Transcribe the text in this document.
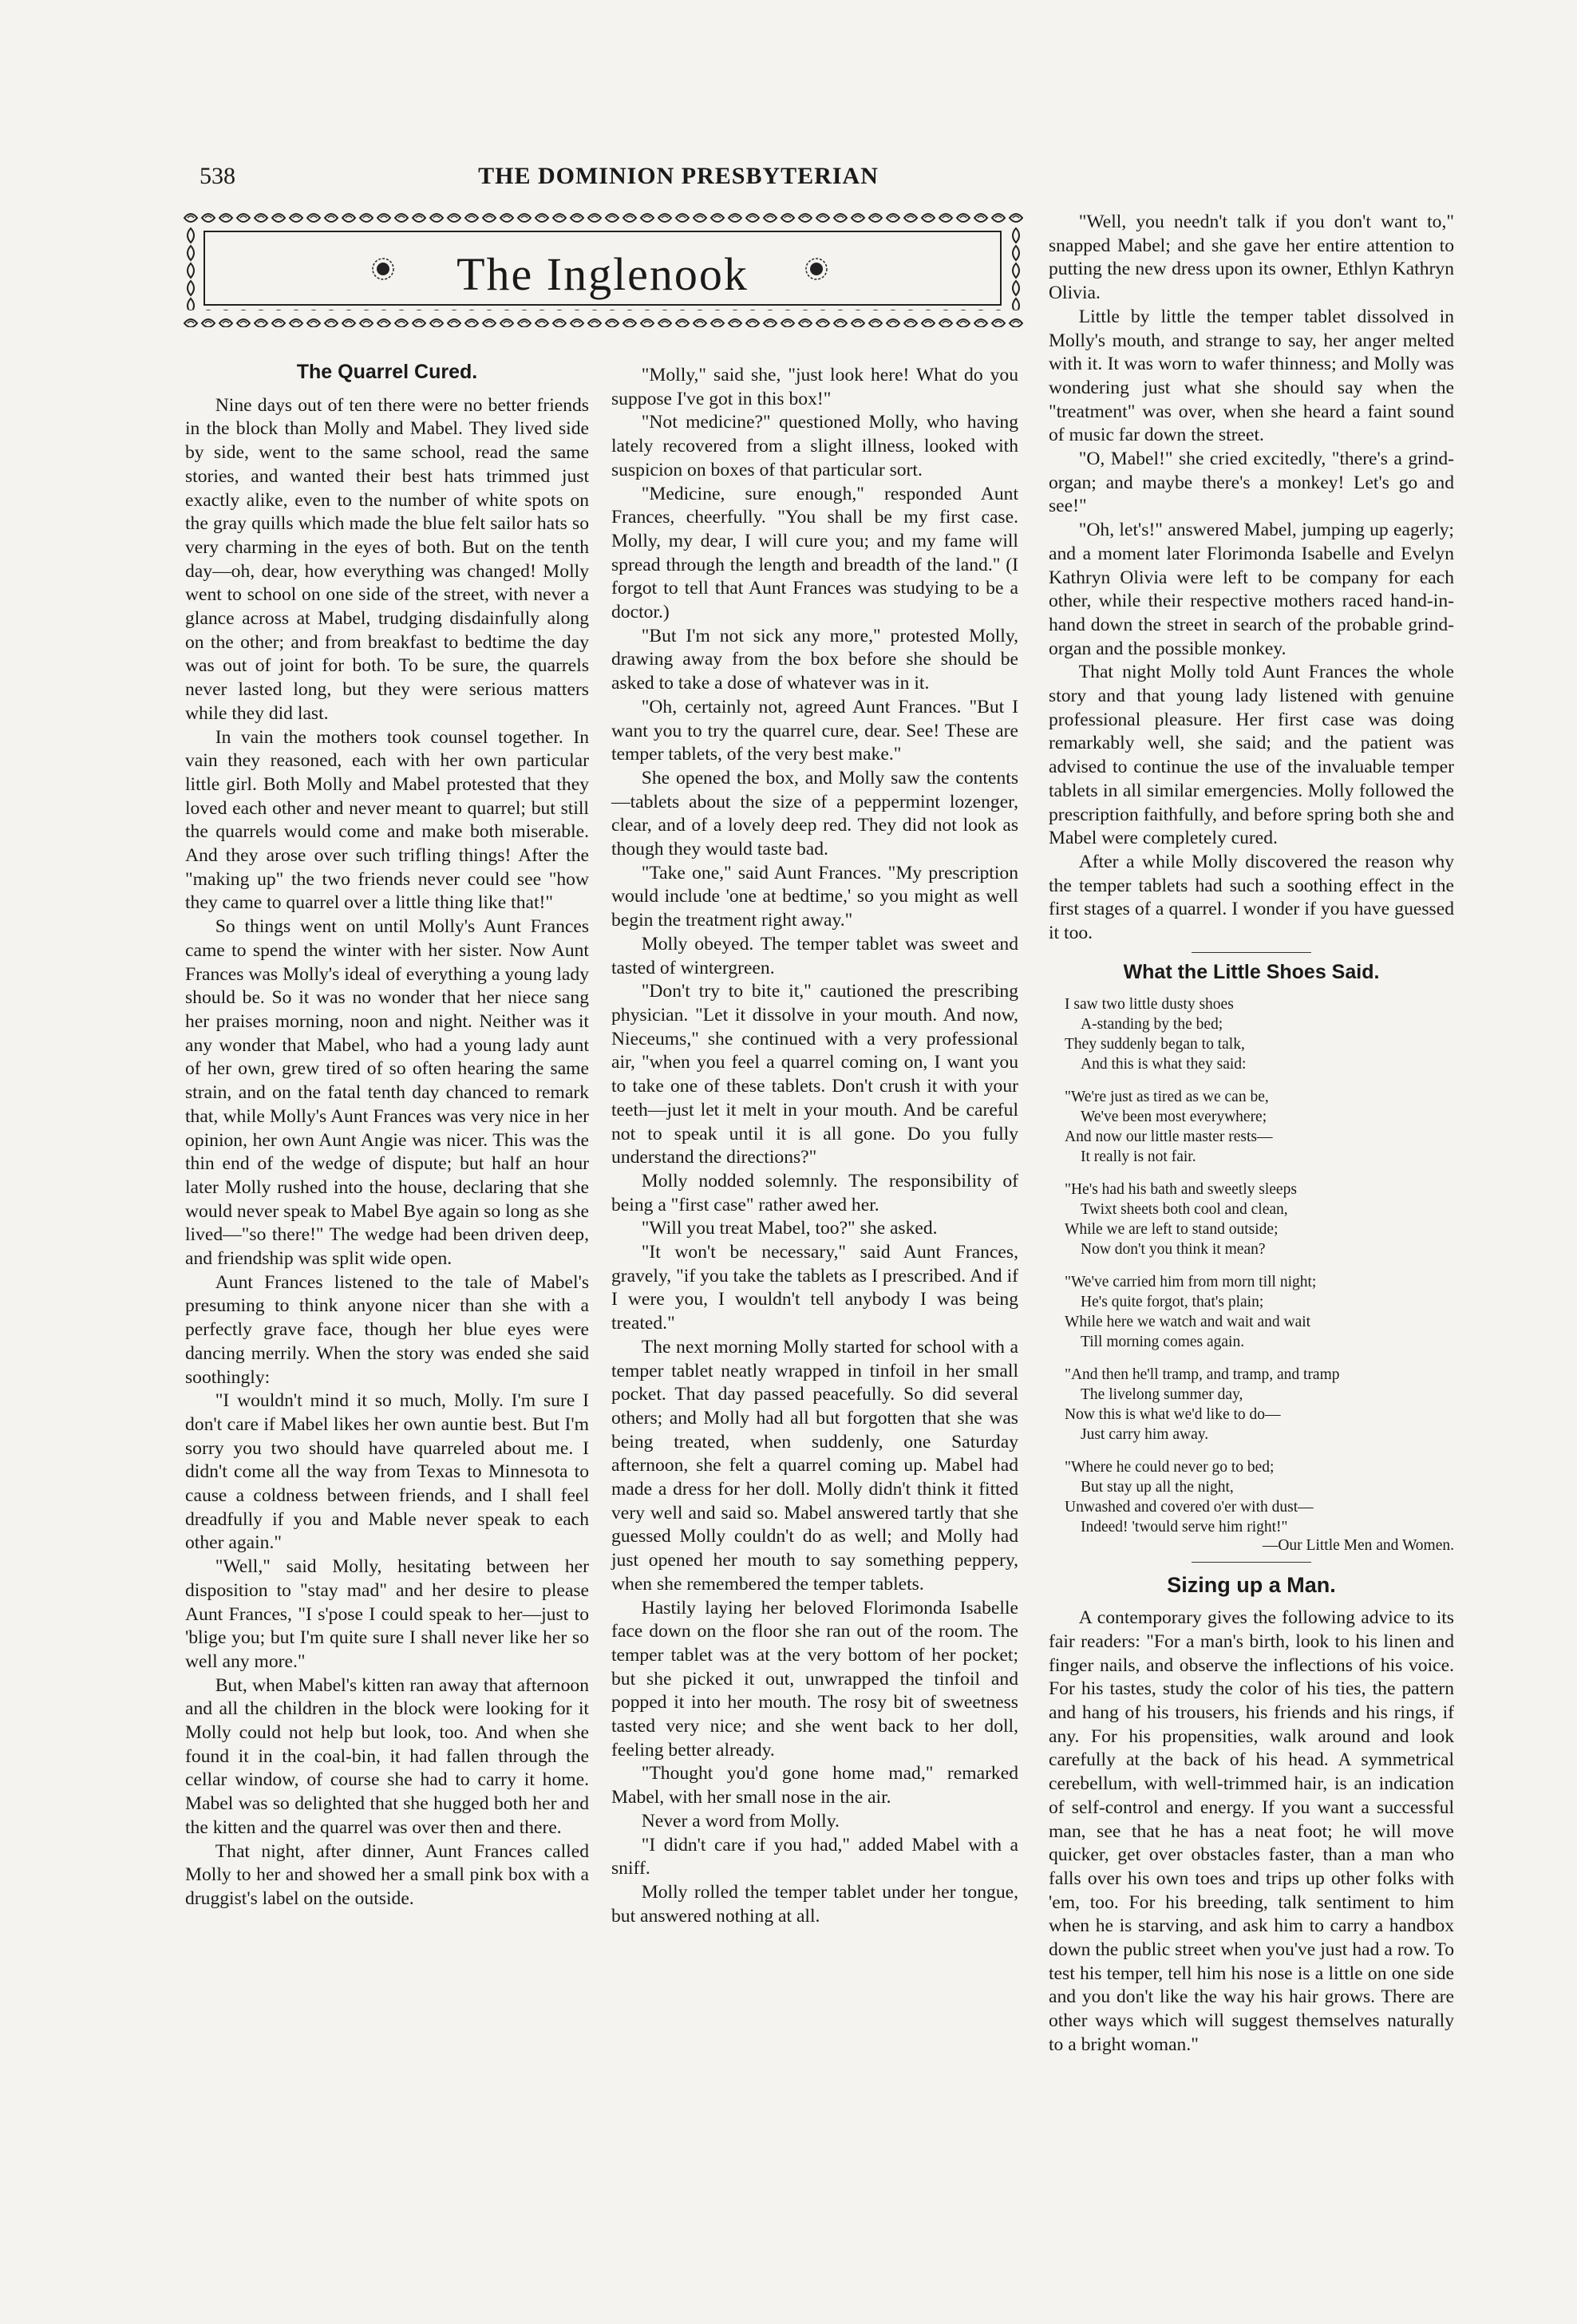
538	THE DOMINION PRESBYTERIAN
The Inglenook
The Quarrel Cured.

Nine days out of ten there were no better friends in the block than Molly and Mabel. They lived side by side, went to the same school, read the same stories, and wanted their best hats trimmed just exactly alike, even to the number of white spots on the gray quills which made the blue felt sailor hats so very charming in the eyes of both. But on the tenth day—oh, dear, how everything was changed! Molly went to school on one side of the street, with never a glance across at Mabel, trudging disdainfully along on the other; and from breakfast to bedtime the day was out of joint for both. To be sure, the quarrels never lasted long, but they were serious matters while they did last.

In vain the mothers took counsel together. In vain they reasoned, each with her own particular little girl. Both Molly and Mabel protested that they loved each other and never meant to quarrel; but still the quarrels would come and make both miserable. And they arose over such trifling things! After the "making up" the two friends never could see "how they came to quarrel over a little thing like that!"

So things went on until Molly's Aunt Frances came to spend the winter with her sister. Now Aunt Frances was Molly's ideal of everything a young lady should be. So it was no wonder that her niece sang her praises morning, noon and night. Neither was it any wonder that Mabel, who had a young lady aunt of her own, grew tired of so often hearing the same strain, and on the fatal tenth day chanced to remark that, while Molly's Aunt Frances was very nice in her opinion, her own Aunt Angie was nicer. This was the thin end of the wedge of dispute; but half an hour later Molly rushed into the house, declaring that she would never speak to Mabel Bye again so long as she lived—"so there!" The wedge had been driven deep, and friendship was split wide open.

Aunt Frances listened to the tale of Mabel's presuming to think anyone nicer than she with a perfectly grave face, though her blue eyes were dancing merrily. When the story was ended she said soothingly:

"I wouldn't mind it so much, Molly. I'm sure I don't care if Mabel likes her own auntie best. But I'm sorry you two should have quarreled about me. I didn't come all the way from Texas to Minnesota to cause a coldness between friends, and I shall feel dreadfully if you and Mable never speak to each other again."

"Well," said Molly, hesitating between her disposition to "stay mad" and her desire to please Aunt Frances, "I s'pose I could speak to her—just to 'blige you; but I'm quite sure I shall never like her so well any more."

But, when Mabel's kitten ran away that afternoon and all the children in the block were looking for it Molly could not help but look, too. And when she found it in the coal-bin, it had fallen through the cellar window, of course she had to carry it home. Mabel was so delighted that she hugged both her and the kitten and the quarrel was over then and there.

That night, after dinner, Aunt Frances called Molly to her and showed her a small pink box with a druggist's label on the outside.

"Molly," said she, "just look here! What do you suppose I've got in this box!"

"Not medicine?" questioned Molly, who having lately recovered from a slight illness, looked with suspicion on boxes of that particular sort.

"Medicine, sure enough," responded Aunt Frances, cheerfully. "You shall be my first case. Molly, my dear, I will cure you; and my fame will spread through the length and breadth of the land." (I forgot to tell that Aunt Frances was studying to be a doctor.)

"But I'm not sick any more," protested Molly, drawing away from the box before she should be asked to take a dose of whatever was in it.

"Oh, certainly not, agreed Aunt Frances. "But I want you to try the quarrel cure, dear. See! These are temper tablets, of the very best make."

She opened the box, and Molly saw the contents—tablets about the size of a peppermint lozenger, clear, and of a lovely deep red. They did not look as though they would taste bad.

"Take one," said Aunt Frances. "My prescription would include 'one at bedtime,' so you might as well begin the treatment right away."

Molly obeyed. The temper tablet was sweet and tasted of wintergreen.

"Don't try to bite it," cautioned the prescribing physician. "Let it dissolve in your mouth. And now, Nieceums," she continued with a very professional air, "when you feel a quarrel coming on, I want you to take one of these tablets. Don't crush it with your teeth—just let it melt in your mouth. And be careful not to speak until it is all gone. Do you fully understand the directions?"

Molly nodded solemnly. The responsibility of being a "first case" rather awed her.

"Will you treat Mabel, too?" she asked.

"It won't be necessary," said Aunt Frances, gravely, "if you take the tablets as I prescribed. And if I were you, I wouldn't tell anybody I was being treated."

The next morning Molly started for school with a temper tablet neatly wrapped in tinfoil in her small pocket. That day passed peacefully. So did several others; and Molly had all but forgotten that she was being treated, when suddenly, one Saturday afternoon, she felt a quarrel coming up. Mabel had made a dress for her doll. Molly didn't think it fitted very well and said so. Mabel answered tartly that she guessed Molly couldn't do as well; and Molly had just opened her mouth to say something peppery, when she remembered the temper tablets.

Hastily laying her beloved Florimonda Isabelle face down on the floor she ran out of the room. The temper tablet was at the very bottom of her pocket; but she picked it out, unwrapped the tinfoil and popped it into her mouth. The rosy bit of sweetness tasted very nice; and she went back to her doll, feeling better already.

"Thought you'd gone home mad," remarked Mabel, with her small nose in the air.

Never a word from Molly.

"I didn't care if you had," added Mabel with a sniff.

Molly rolled the temper tablet under her tongue, but answered nothing at all.

"Well, you needn't talk if you don't want to," snapped Mabel; and she gave her entire attention to putting the new dress upon its owner, Ethlyn Kathryn Olivia.

Little by little the temper tablet dissolved in Molly's mouth, and strange to say, her anger melted with it. It was worn to wafer thinness; and Molly was wondering just what she should say when the "treatment" was over, when she heard a faint sound of music far down the street.

"O, Mabel!" she cried excitedly, "there's a grind-organ; and maybe there's a monkey! Let's go and see!"

"Oh, let's!" answered Mabel, jumping up eagerly; and a moment later Florimonda Isabelle and Evelyn Kathryn Olivia were left to be company for each other, while their respective mothers raced hand-in-hand down the street in search of the probable grind-organ and the possible monkey.

That night Molly told Aunt Frances the whole story and that young lady listened with genuine professional pleasure. Her first case was doing remarkably well, she said; and the patient was advised to continue the use of the invaluable temper tablets in all similar emergencies. Molly followed the prescription faithfully, and before spring both she and Mabel were completely cured.

After a while Molly discovered the reason why the temper tablets had such a soothing effect in the first stages of a quarrel. I wonder if you have guessed it too.

What the Little Shoes Said.
I saw two little dusty shoes
A-standing by the bed;
They suddenly began to talk,
And this is what they said:
"We're just as tired as we can be,
We've been most everywhere;
And now our little master rests—
It really is not fair.
"He's had his bath and sweetly sleeps
Twixt sheets both cool and clean,
While we are left to stand outside;
Now don't you think it mean?
"We've carried him from morn till night;
He's quite forgot, that's plain;
While here we watch and wait and wait
Till morning comes again.
"And then he'll tramp, and tramp, and tramp
The livelong summer day,
Now this is what we'd like to do—
Just carry him away.
"Where he could never go to bed;
But stay up all the night,
Unwashed and covered o'er with dust—
Indeed! 'twould serve him right!"
—Our Little Men and Women.
Sizing up a Man.

A contemporary gives the following advice to its fair readers: "For a man's birth, look to his linen and finger nails, and observe the inflections of his voice. For his tastes, study the color of his ties, the pattern and hang of his trousers, his friends and his rings, if any. For his propensities, walk around and look carefully at the back of his head. A symmetrical cerebellum, with well-trimmed hair, is an indication of self-control and energy. If you want a successful man, see that he has a neat foot; he will move quicker, get over obstacles faster, than a man who falls over his own toes and trips up other folks with 'em, too. For his breeding, talk sentiment to him when he is starving, and ask him to carry a handbox down the public street when you've just had a row. To test his temper, tell him his nose is a little on one side and you don't like the way his hair grows. There are other ways which will suggest themselves naturally to a bright woman."
